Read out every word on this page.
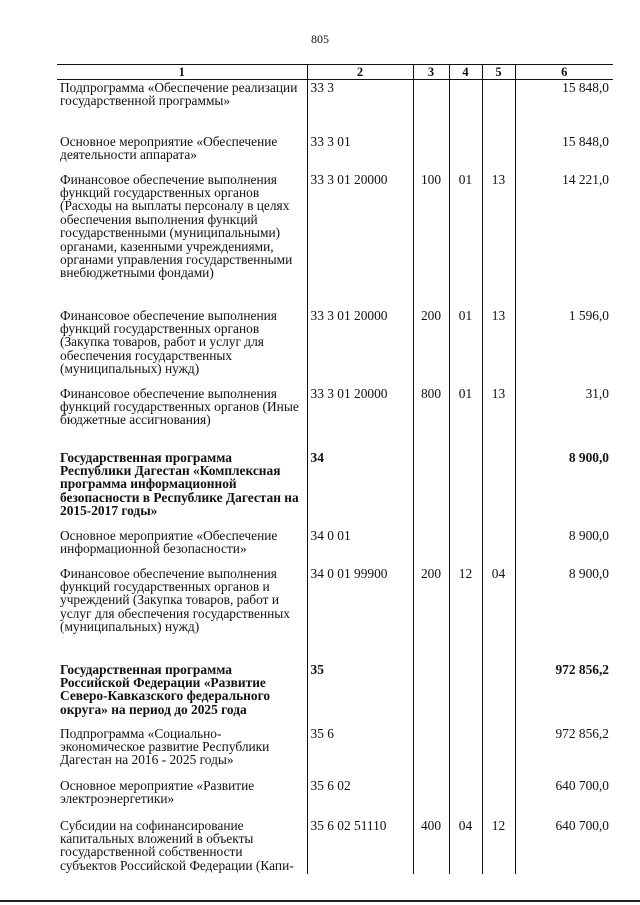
805
1	2	3	4	5	6
Подпрограмма «Обеспечение реализации государственной программы»	33 3				15 848,0
Основное мероприятие «Обеспечение деятельности аппарата»	33 3 01				15 848,0
Финансовое обеспечение выполнения функций государственных органов (Расходы на выплаты персоналу в целях обеспечения выполнения функций государственными (муниципальными) органами, казенными учреждениями, органами управления государственными внебюджетными фондами)	33 3 01 20000	100	01	13	14 221,0
Финансовое обеспечение выполнения функций государственных органов (Закупка товаров, работ и услуг для обеспечения государственных (муниципальных) нужд)	33 3 01 20000	200	01	13	1 596,0
Финансовое обеспечение выполнения функций государственных органов (Иные бюджетные ассигнования)	33 3 01 20000	800	01	13	31,0
Государственная программа Республики Дагестан «Комплексная программа информационной безопасности в Республике Дагестан на 2015-2017 годы»	34				8 900,0
Основное мероприятие «Обеспечение информационной безопасности»	34 0 01				8 900,0
Финансовое обеспечение выполнения функций государственных органов и учреждений (Закупка товаров, работ и услуг для обеспечения государственных (муниципальных) нужд)	34 0 01 99900	200	12	04	8 900,0
Государственная программа Российской Федерации «Развитие Северо-Кавказского федерального округа» на период до 2025 года	35				972 856,2
Подпрограмма «Социально-экономическое развитие Республики Дагестан на 2016 - 2025 годы»	35 6				972 856,2
Основное мероприятие «Развитие электроэнергетики»	35 6 02				640 700,0
Субсидии на софинансирование капитальных вложений в объекты государственной собственности субъектов Российской Федерации (Капи-	35 6 02 51110	400	04	12	640 700,0
